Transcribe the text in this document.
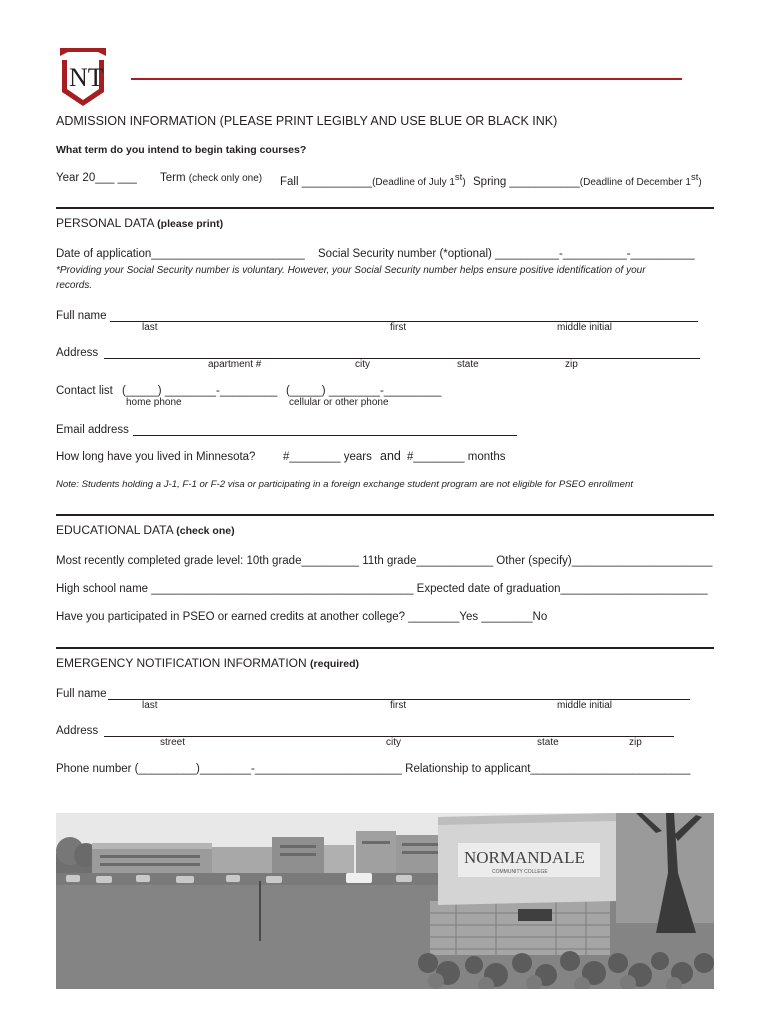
NT
ADMISSION INFORMATION (PLEASE PRINT LEGIBLY AND USE BLUE OR BLACK INK)
What term do you intend to begin taking courses?
Year 20___ ___ Term (check only one) Fall ___________(Deadline of July 1st) Spring ___________(Deadline of December 1st)
PERSONAL DATA (please print)
Date of application________________________ Social Security number (*optional) __________-__________-__________
*Providing your Social Security number is voluntary. However, your Social Security number helps ensure positive identification of your
records.
Full name
last	first	middle initial
Address
apartment #	city	state	zip
Contact list (_____) ________-_________
home phone
(_____) ________-_________
cellular or other phone
Email address
How long have you lived in Minnesota? #________ years and #________ months
Note: Students holding a J-1, F-1 or F-2 visa or participating in a foreign exchange student program are not eligible for PSEO enrollment
EDUCATIONAL DATA (check one)
Most recently completed grade level: 10th grade_________ 11th grade____________ Other (specify)______________________
High school name _________________________________________ Expected date of graduation_______________________
Have you participated in PSEO or earned credits at another college? ________Yes ________No
EMERGENCY NOTIFICATION INFORMATION (required)
Full name
last	first	middle initial
Address
street	city	state	zip
Phone number (_________)________-_______________________ Relationship to applicant_________________________
NORMANDALE
COMMUNITY COLLEGE
